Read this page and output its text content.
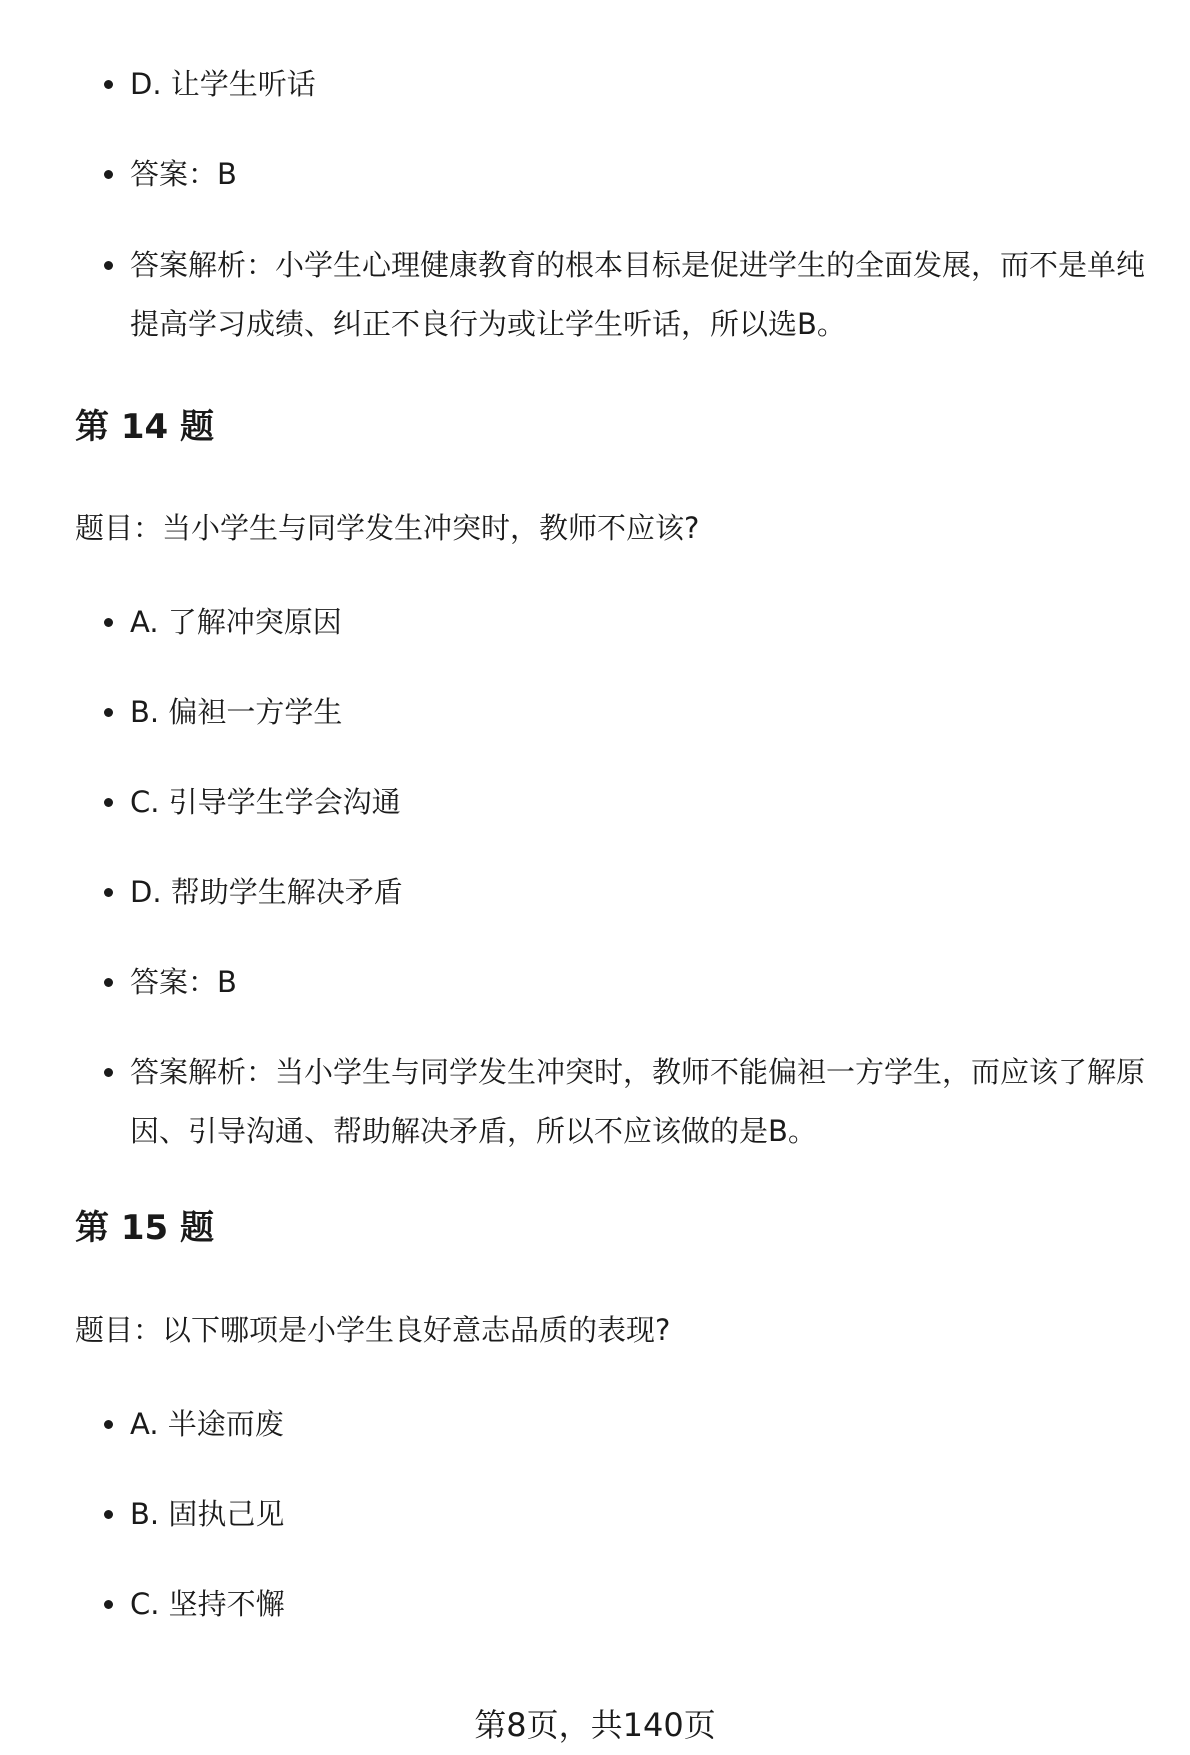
D. 让学生听话
答案：B
答案解析：小学生心理健康教育的根本目标是促进学生的全面发展，而不是单纯提高学习成绩、纠正不良行为或让学生听话，所以选B。
第 14 题
题目：当小学生与同学发生冲突时，教师不应该?
A. 了解冲突原因
B. 偏袒一方学生
C. 引导学生学会沟通
D. 帮助学生解决矛盾
答案：B
答案解析：当小学生与同学发生冲突时，教师不能偏袒一方学生，而应该了解原因、引导沟通、帮助解决矛盾，所以不应该做的是B。
第 15 题
题目：以下哪项是小学生良好意志品质的表现?
A. 半途而废
B. 固执己见
C. 坚持不懈
第8页，共140页
